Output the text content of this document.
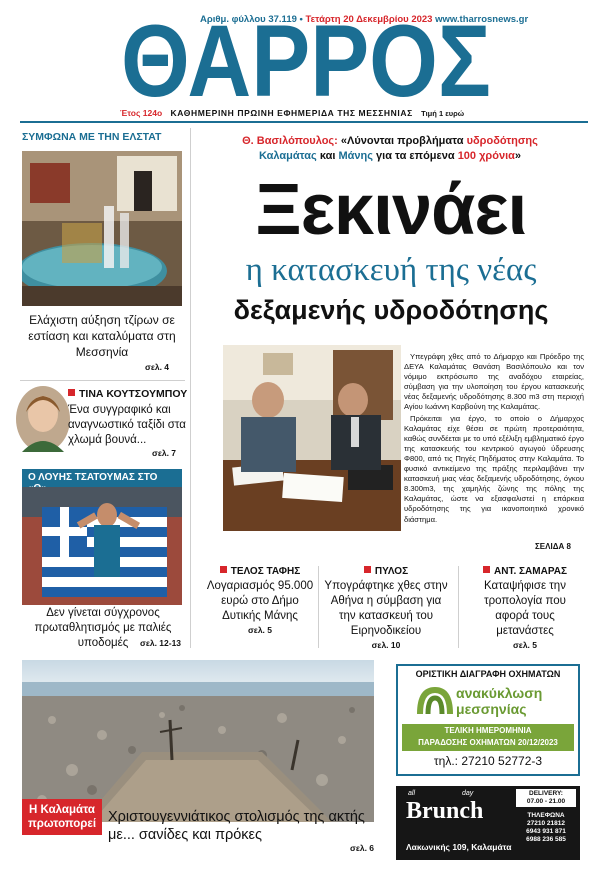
Αριθμ. φύλλου 37.119 • Τετάρτη 20 Δεκεμβρίου 2023 www.tharrosnews.gr
ΘΑΡΡΟΣ
Έτος 124ο ΚΑΘΗΜΕΡΙΝΗ ΠΡΩΙΝΗ ΕΦΗΜΕΡΙΔΑ ΤΗΣ ΜΕΣΣΗΝΙΑΣ Τιμή 1 ευρώ
ΣΥΜΦΩΝΑ ΜΕ ΤΗΝ ΕΛΣΤΑΤ
Ελάχιστη αύξηση τζίρων σε εστίαση και καταλύματα στη Μεσσηνία
σελ. 4
ΤΙΝΑ ΚΟΥΤΣΟΥΜΠΟΥ
Ένα συγγραφικό και αναγνωστικό ταξίδι στα χλωμά βουνά...
σελ. 7
Ο ΛΟΥΗΣ ΤΣΑΤΟΥΜΑΣ ΣΤΟ
Δεν γίνεται σύγχρονος πρωταθλητισμός με παλιές υποδομές	σελ. 12-13
Θ. Βασιλόπουλος: «Λύνονται προβλήματα υδροδότησης
Καλαμάτας και Μάνης για τα επόμενα 100 χρόνια»
Ξεκινάει
η κατασκευή της νέας
δεξαμενής υδροδότησης

Υπεγράφη χθες από το Δήμαρχο και Πρόεδρο της ΔΕΥΑ Καλαμάτας Θανάση Βασιλόπουλο και τον νόμιμο εκπρόσωπο της αναδόχου εταιρείας, σύμβαση για την υλοποίηση του έργου κατασκευής νέας δεξαμενής υδροδότησης 8.300 m3 στη περιοχή Αγίου Ιωάννη Καρβούνη της Καλαμάτας.

Πρόκειται για έργο, το οποίο ο Δήμαρχος Καλαμάτας είχε θέσει σε πρώτη προτεραιότητα, καθώς συνδέεται με το υπό εξέλιξη εμβληματικό έργο της κατασκευής του κεντρικού αγωγού ύδρευσης Φ800, από τις Πηγές Πηδήματος στην Καλαμάτα. Το φυσικό αντικείμενο της πράξης περιλαμβάνει την κατασκευή μιας νέας δεξαμενής υδροδότησης, όγκου 8.300m3, της χαμηλής ζώνης της πόλης της Καλαμάτας, ώστε να εξασφαλιστεί η επάρκεια υδροδότησης της για ικανοποιητικό χρονικό διάστημα.

ΣΕΛΙΔΑ 8
ΤΕΛΟΣ ΤΑΦΗΣ
Λογαριασμός 95.000 ευρώ στο Δήμο Δυτικής Μάνης
σελ. 5
ΠΥΛΟΣ
Υπογράφτηκε χθες στην Αθήνα η σύμβαση για την κατασκευή του Ειρηνοδικείου
σελ. 10
ΑΝΤ. ΣΑΜΑΡΑΣ
Καταψήφισε την τροπολογία που αφορά τους μετανάστες
σελ. 5
Η Καλαμάτα
πρωτοπορεί Χριστουγεννιάτικος στολισμός της ακτής με... σανίδες και πρόκες
σελ. 6
ΟΡΙΣΤΙΚΗ ΔΙΑΓΡΑΦΗ ΟΧΗΜΑΤΩΝ
ανακύκλωση
μεσσηνίας
ΤΕΛΙΚΗ ΗΜΕΡΟΜΗΝΙΑ
ΠΑΡΑΔΟΣΗΣ ΟΧΗΜΑΤΩΝ 20/12/2023
τηλ.: 27210 52772-3
all	day
Brunch
DELIVERY:
07.00 - 21.00
ΤΗΛΕΦΩΝΑ
27210 21812
6943 931 871
6988 236 585
Λακωνικής 109, Καλαμάτα
